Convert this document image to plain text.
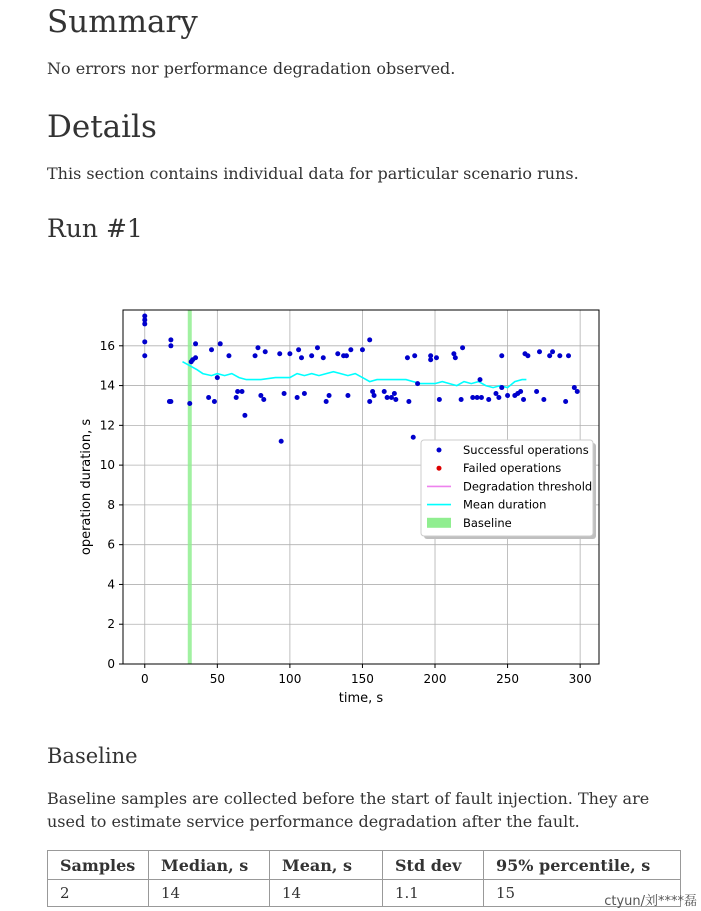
Summary

No errors nor performance degradation observed.

Details

This section contains individual data for particular scenario runs.

Run #1
Baseline

Baseline samples are collected before the start of fault injection. They are used to estimate service performance degradation after the fault.

0	50	100	150	200	250	300
0
2
4
6
8
10
12
14
16
time, s
operation duration, s	Successful operations
Failed operations
Degradation threshold
Mean duration
Baseline
Samples	Median, s	Mean, s	Std dev	95% percentile, s
2	14	14	1.1	15	ctyun/刘****磊
